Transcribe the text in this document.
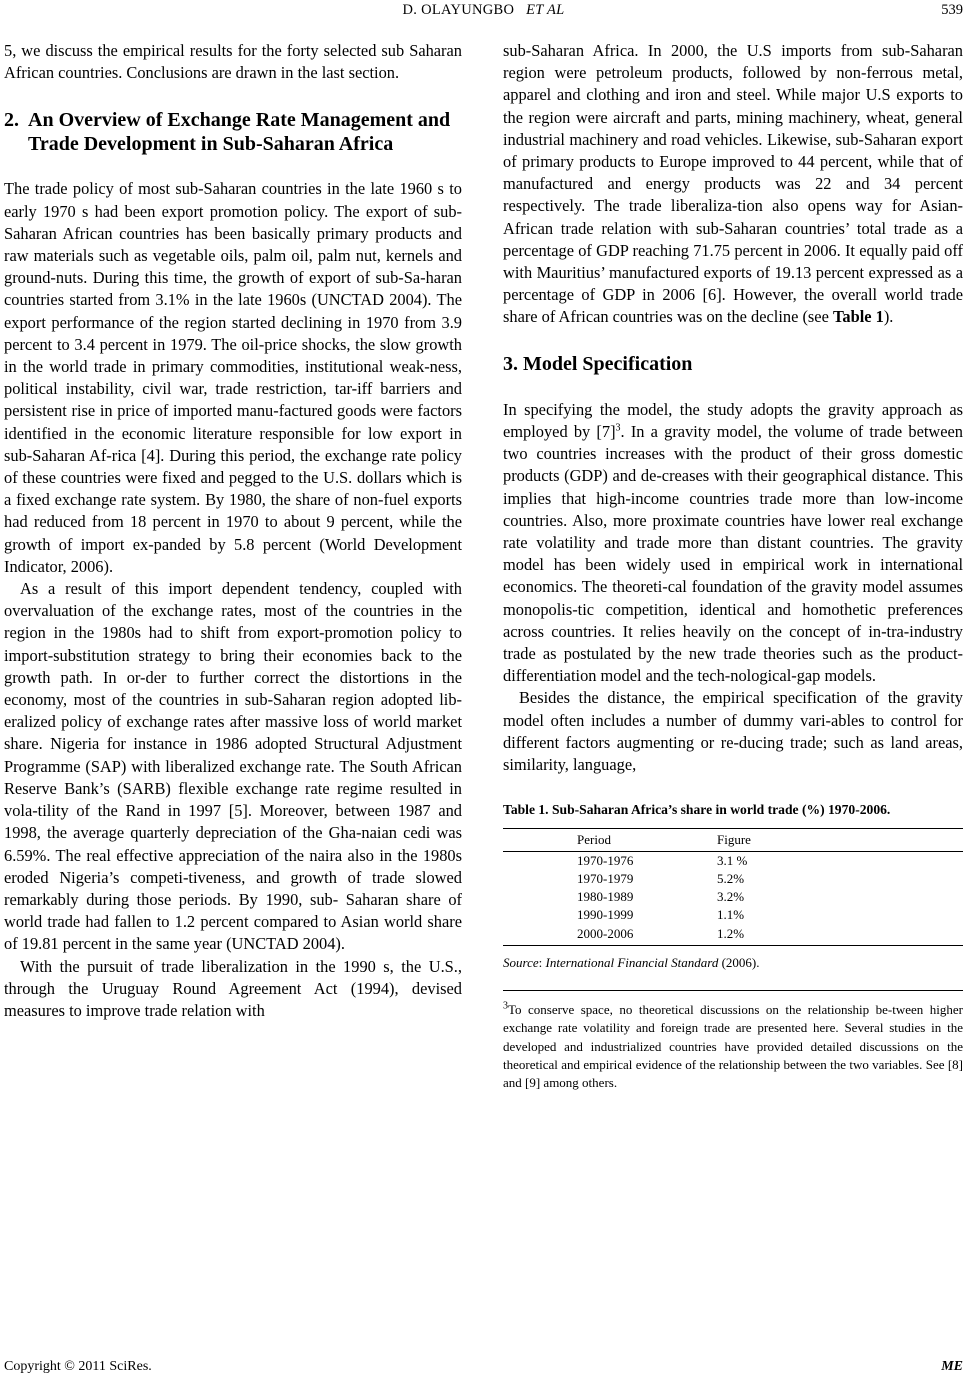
D. OLAYUNGBO ET AL	539

5, we discuss the empirical results for the forty selected sub Saharan African countries. Conclusions are drawn in the last section.

2. An Overview of Exchange Rate Management and Trade Development in Sub-Saharan Africa

The trade policy of most sub-Saharan countries in the late 1960 s to early 1970 s had been export promotion policy. The export of sub-Saharan African countries has been basically primary products and raw materials such as vegetable oils, palm oil, palm nut, kernels and ground-nuts. During this time, the growth of export of sub-Sa-haran countries started from 3.1% in the late 1960s (UNCTAD 2004). The export performance of the region started declining in 1970 from 3.9 percent to 3.4 percent in 1979. The oil-price shocks, the slow growth in the world trade in primary commodities, institutional weak-ness, political instability, civil war, trade restriction, tar-iff barriers and persistent rise in price of imported manu-factured goods were factors identified in the economic literature responsible for low export in sub-Saharan Af-rica [4]. During this period, the exchange rate policy of these countries were fixed and pegged to the U.S. dollars which is a fixed exchange rate system. By 1980, the share of non-fuel exports had reduced from 18 percent in 1970 to about 9 percent, while the growth of import ex-panded by 5.8 percent (World Development Indicator, 2006).

As a result of this import dependent tendency, coupled with overvaluation of the exchange rates, most of the countries in the region in the 1980s had to shift from export-promotion policy to import-substitution strategy to bring their economies back to the growth path. In or-der to further correct the distortions in the economy, most of the countries in sub-Saharan region adopted lib-eralized policy of exchange rates after massive loss of world market share. Nigeria for instance in 1986 adopted Structural Adjustment Programme (SAP) with liberalized exchange rate. The South African Reserve Bank’s (SARB) flexible exchange rate regime resulted in vola-tility of the Rand in 1997 [5]. Moreover, between 1987 and 1998, the average quarterly depreciation of the Gha-naian cedi was 6.59%. The real effective appreciation of the naira also in the 1980s eroded Nigeria’s competi-tiveness, and growth of trade slowed remarkably during those periods. By 1990, sub- Saharan share of world trade had fallen to 1.2 percent compared to Asian world share of 19.81 percent in the same year (UNCTAD 2004).

With the pursuit of trade liberalization in the 1990 s, the U.S., through the Uruguay Round Agreement Act (1994), devised measures to improve trade relation with

sub-Saharan Africa. In 2000, the U.S imports from sub-Saharan region were petroleum products, followed by non-ferrous metal, apparel and clothing and iron and steel. While major U.S exports to the region were aircraft and parts, mining machinery, wheat, general industrial machinery and road vehicles. Likewise, sub-Saharan export of primary products to Europe improved to 44 percent, while that of manufactured and energy products was 22 and 34 percent respectively. The trade liberaliza-tion also opens way for Asian-African trade relation with sub-Saharan countries’ total trade as a percentage of GDP reaching 71.75 percent in 2006. It equally paid off with Mauritius’ manufactured exports of 19.13 percent expressed as a percentage of GDP in 2006 [6]. However, the overall world trade share of African countries was on the decline (see Table 1).

3. Model Specification

In specifying the model, the study adopts the gravity approach as employed by $[7]^3$. In a gravity model, the volume of trade between two countries increases with the product of their gross domestic products (GDP) and de-creases with their geographical distance. This implies that high-income countries trade more than low-income countries. Also, more proximate countries have lower real exchange rate volatility and trade more than distant countries. The gravity model has been widely used in empirical work in international economics. The theoreti-cal foundation of the gravity model assumes monopolis-tic competition, identical and homothetic preferences across countries. It relies heavily on the concept of in-tra-industry trade as postulated by the new trade theories such as the product-differentiation model and the tech-nological-gap models.

Besides the distance, the empirical specification of the gravity model often includes a number of dummy vari-ables to control for different factors augmenting or re-ducing trade; such as land areas, similarity, language,

Table 1. Sub-Saharan Africa’s share in world trade (%) 1970-2006.
Period	Figure
1970-1976	3.1 %
1970-1979	5.2%
1980-1989	3.2%
1990-1999	1.1%
2000-2006	1.2%
Source: International Financial Standard (2006).
$^3$To conserve space, no theoretical discussions on the relationship be-tween higher exchange rate volatility and foreign trade are presented here. Several studies in the developed and industrialized countries have provided detailed discussions on the theoretical and empirical evidence of the relationship between the two variables. See [8] and [9] among others.
Copyright © 2011 SciRes.	ME
